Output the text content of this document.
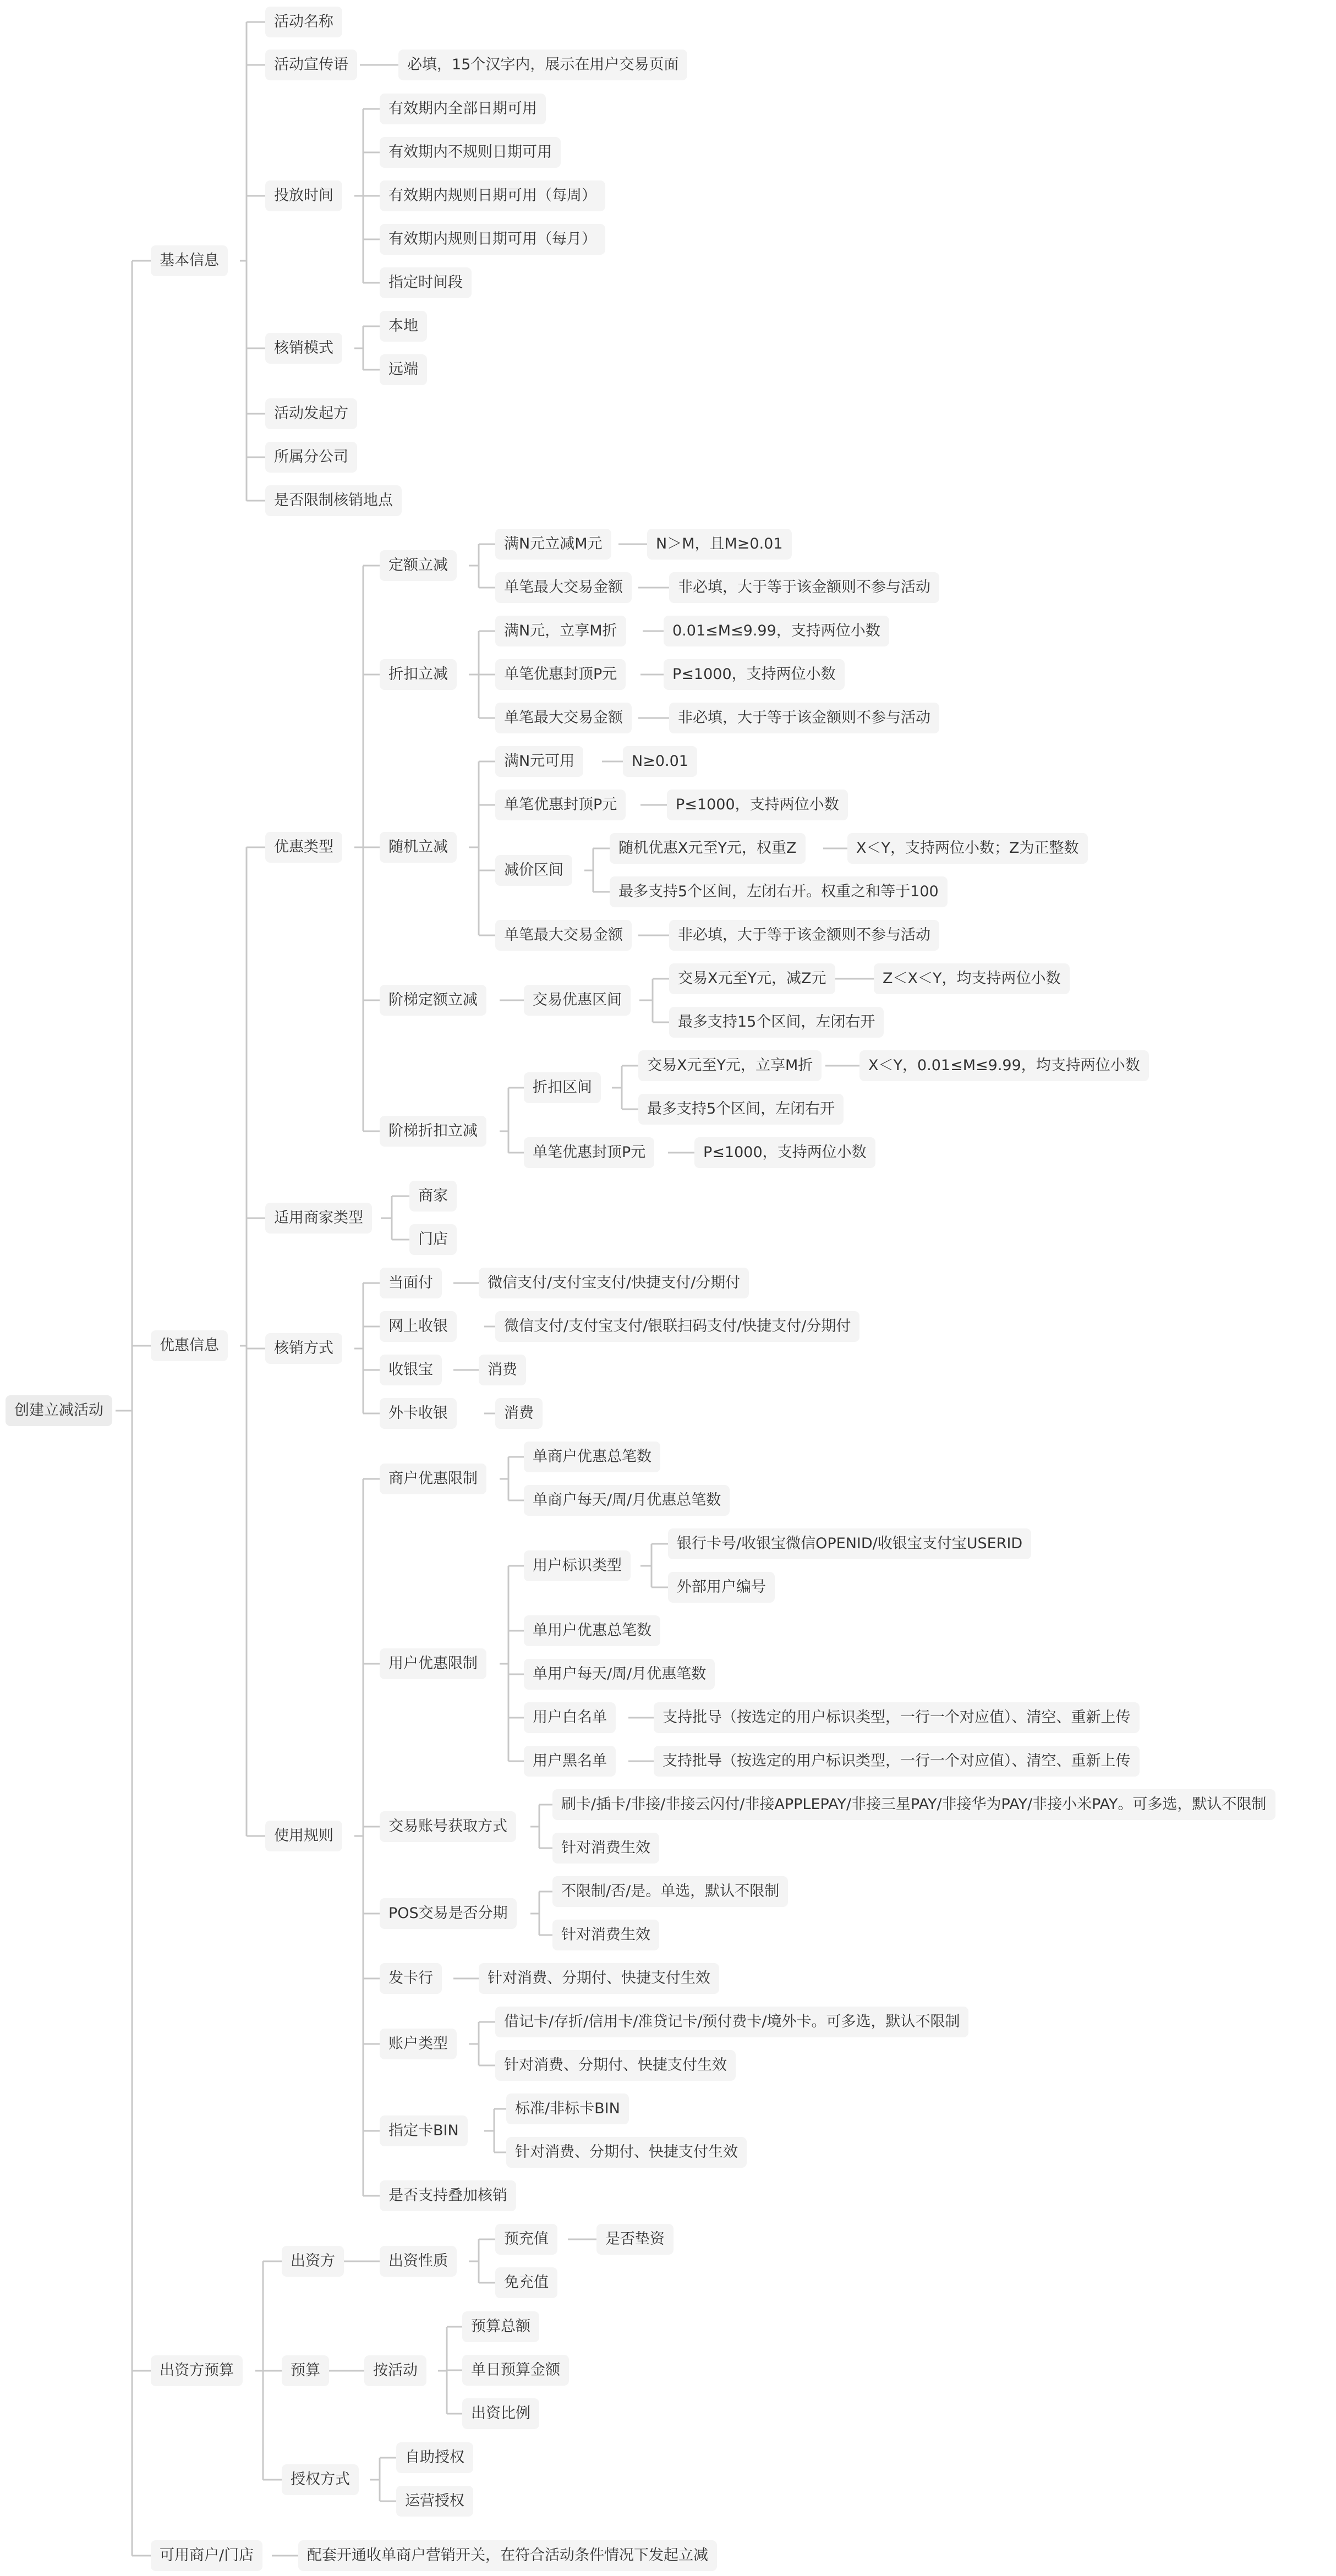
创建立减活动
基本信息
活动名称
活动宣传语	必填，15个汉字内，展示在用户交易页面
投放时间
有效期内全部日期可用
有效期内不规则日期可用
有效期内规则日期可用（每周）
有效期内规则日期可用（每月）
指定时间段
核销模式
本地
远端
活动发起方
所属分公司
是否限制核销地点
优惠信息
优惠类型
定额立减
满N元立减M元	N＞M，且M≥0.01
单笔最大交易金额	非必填，大于等于该金额则不参与活动
折扣立减
满N元，立享M折	0.01≤M≤9.99，支持两位小数
单笔优惠封顶P元	P≤1000，支持两位小数
单笔最大交易金额	非必填，大于等于该金额则不参与活动
随机立减
满N元可用	N≥0.01
单笔优惠封顶P元	P≤1000，支持两位小数
减价区间
随机优惠X元至Y元，权重Z	X＜Y，支持两位小数；Z为正整数
最多支持5个区间，左闭右开。权重之和等于100
单笔最大交易金额	非必填，大于等于该金额则不参与活动
阶梯定额立减	交易优惠区间
交易X元至Y元，减Z元	Z＜X＜Y，均支持两位小数
最多支持15个区间，左闭右开
阶梯折扣立减
折扣区间
交易X元至Y元，立享M折	X＜Y，0.01≤M≤9.99，均支持两位小数
最多支持5个区间，左闭右开
单笔优惠封顶P元	P≤1000，支持两位小数
适用商家类型
商家
门店
核销方式
当面付	微信支付/支付宝支付/快捷支付/分期付
网上收银	微信支付/支付宝支付/银联扫码支付/快捷支付/分期付
收银宝	消费
外卡收银	消费
使用规则
商户优惠限制
单商户优惠总笔数
单商户每天/周/月优惠总笔数
用户优惠限制
用户标识类型
银行卡号/收银宝微信OPENID/收银宝支付宝USERID
外部用户编号
单用户优惠总笔数
单用户每天/周/月优惠笔数
用户白名单	支持批导（按选定的用户标识类型，一行一个对应值）、清空、重新上传
用户黑名单	支持批导（按选定的用户标识类型，一行一个对应值）、清空、重新上传
交易账号获取方式
刷卡/插卡/非接/非接云闪付/非接APPLEPAY/非接三星PAY/非接华为PAY/非接小米PAY。可多选，默认不限制
针对消费生效
POS交易是否分期
不限制/否/是。单选，默认不限制
针对消费生效
发卡行	针对消费、分期付、快捷支付生效
账户类型
借记卡/存折/信用卡/准贷记卡/预付费卡/境外卡。可多选，默认不限制
针对消费、分期付、快捷支付生效
指定卡BIN
标准/非标卡BIN
针对消费、分期付、快捷支付生效
是否支持叠加核销
出资方预算
出资方	出资性质
预充值	是否垫资
免充值
预算	按活动
预算总额
单日预算金额
出资比例
授权方式
自助授权
运营授权
可用商户/门店	配套开通收单商户营销开关，在符合活动条件情况下发起立减
